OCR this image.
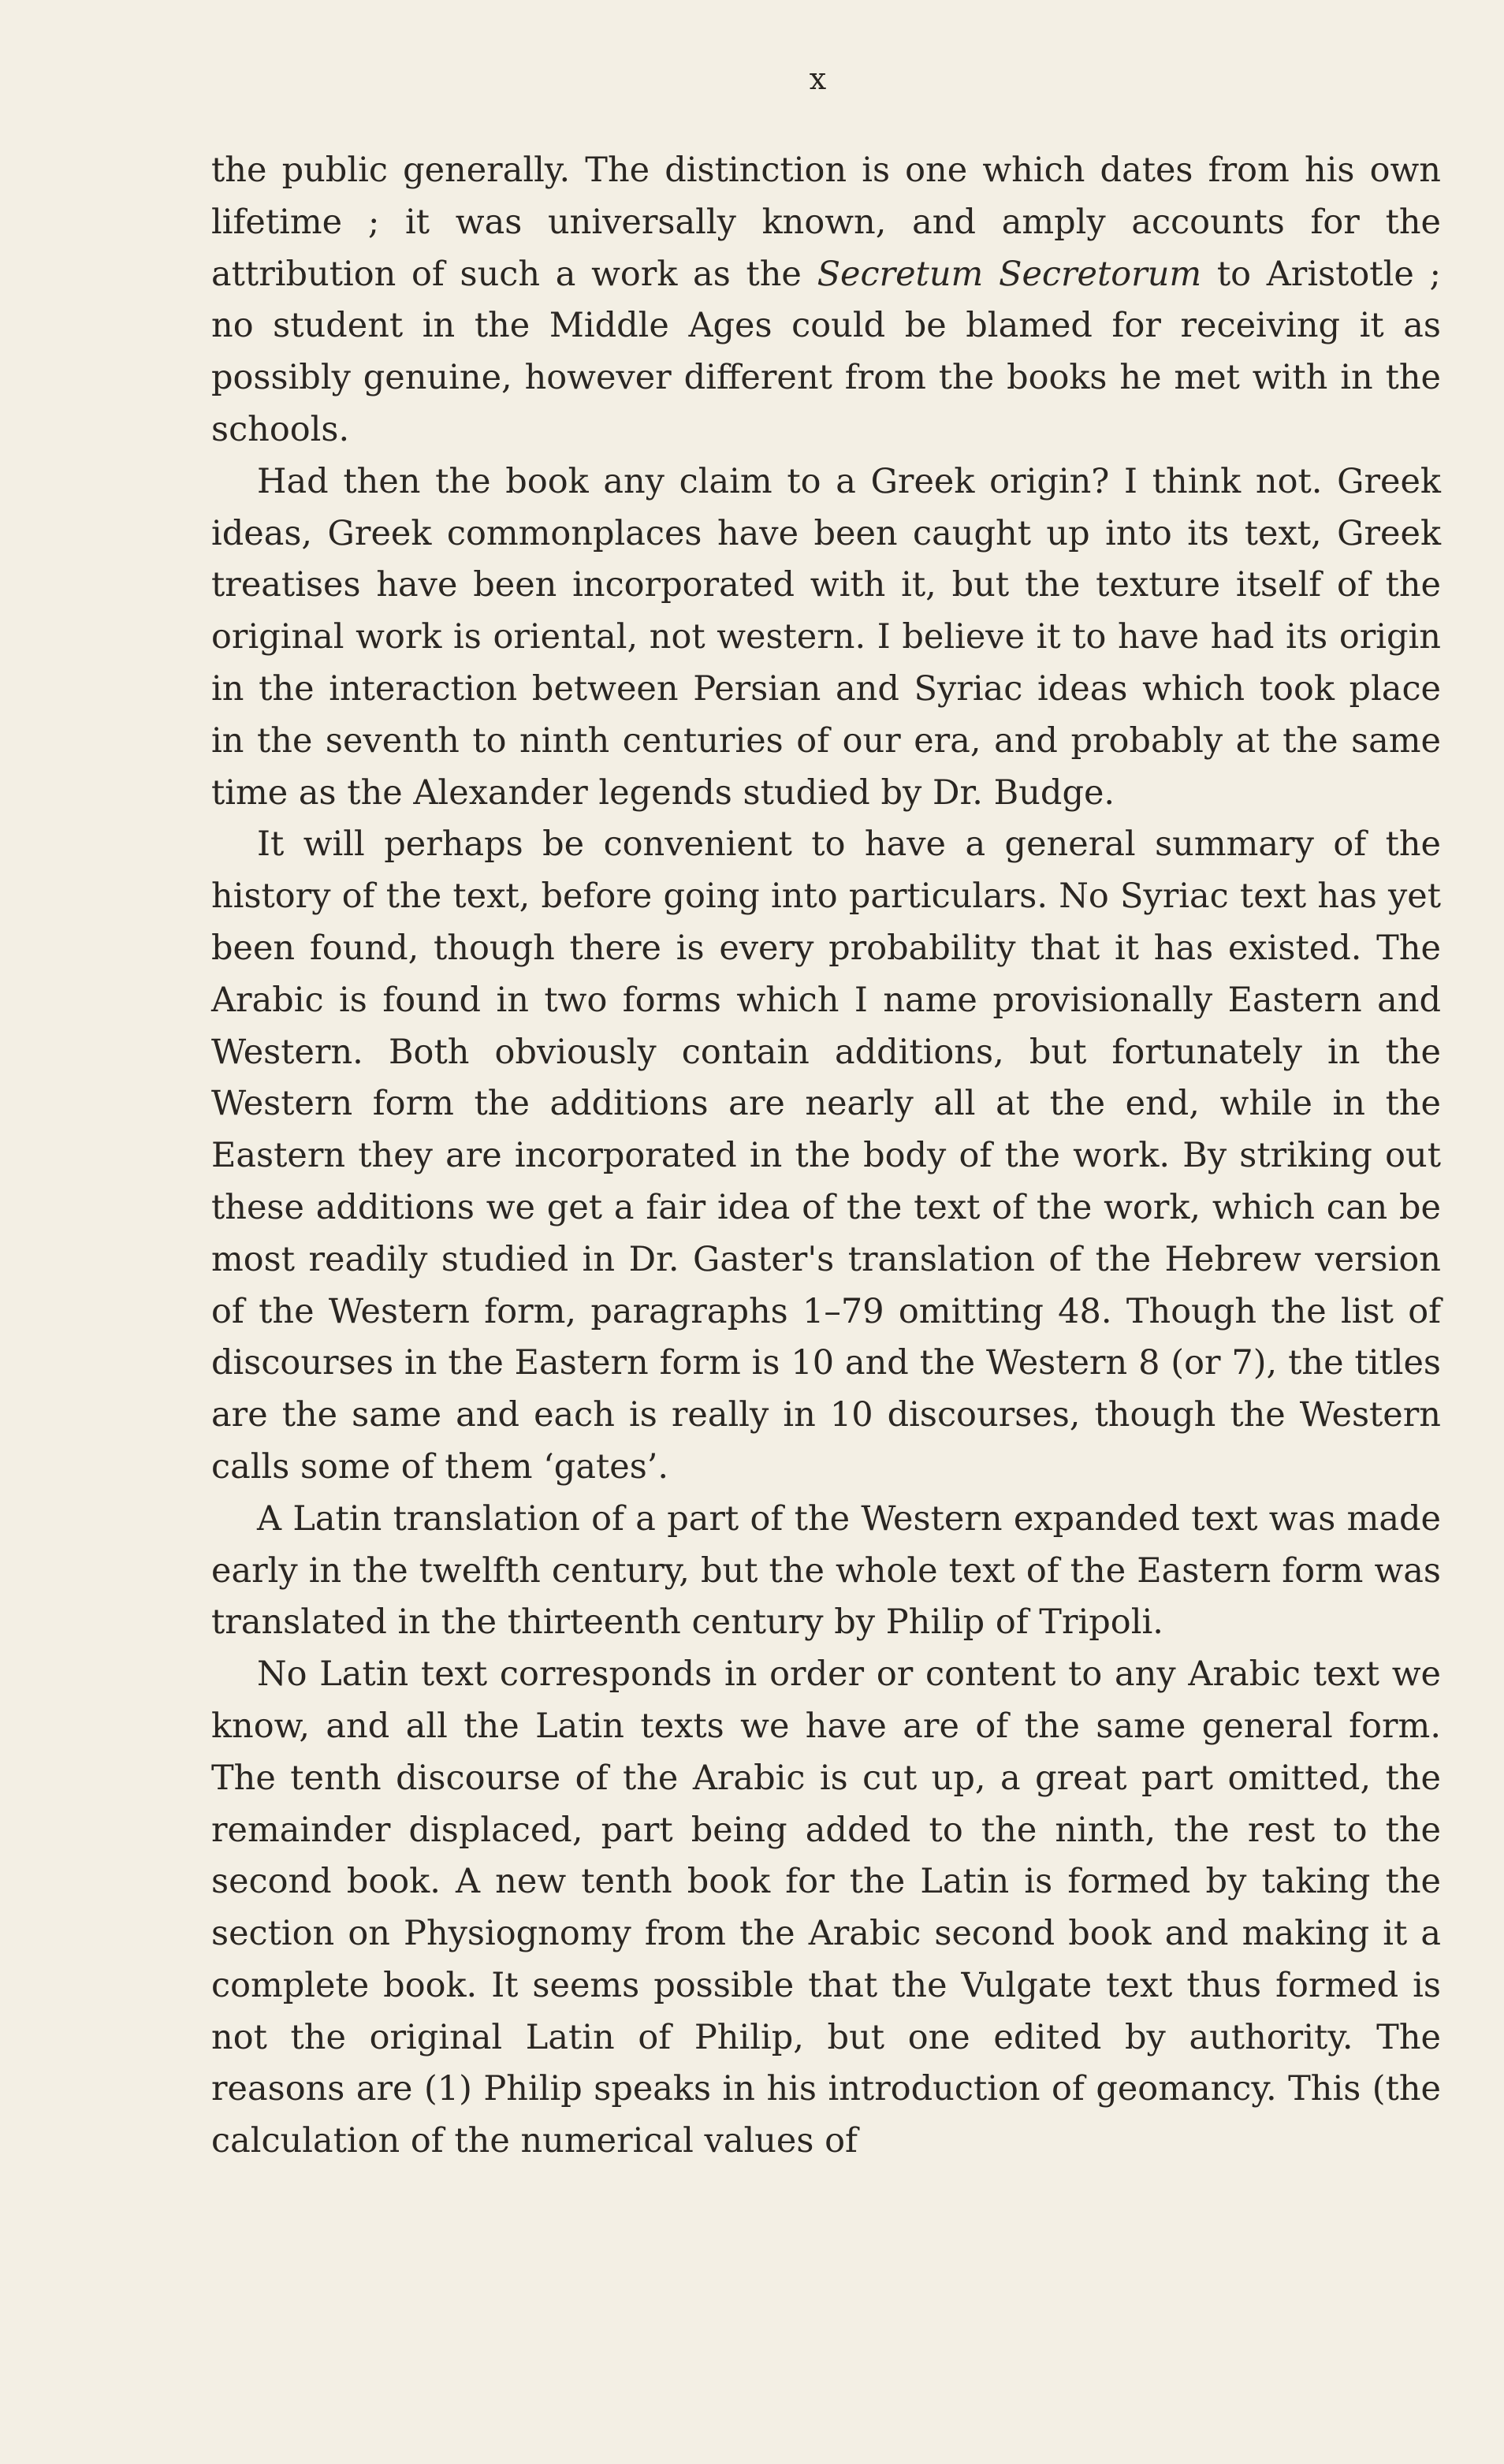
x

the public generally. The distinction is one which dates from his own lifetime ; it was universally known, and amply accounts for the attribution of such a work as the Secretum Secretorum to Aristotle ; no student in the Middle Ages could be blamed for receiving it as possibly genuine, however different from the books he met with in the schools.

Had then the book any claim to a Greek origin? I think not. Greek ideas, Greek commonplaces have been caught up into its text, Greek treatises have been incorporated with it, but the texture itself of the original work is oriental, not western. I believe it to have had its origin in the interaction between Persian and Syriac ideas which took place in the seventh to ninth centuries of our era, and probably at the same time as the Alexander legends studied by Dr. Budge.

It will perhaps be convenient to have a general summary of the history of the text, before going into particulars. No Syriac text has yet been found, though there is every probability that it has existed. The Arabic is found in two forms which I name provisionally Eastern and Western. Both obviously contain additions, but fortunately in the Western form the additions are nearly all at the end, while in the Eastern they are incorporated in the body of the work. By striking out these additions we get a fair idea of the text of the work, which can be most readily studied in Dr. Gaster's translation of the Hebrew version of the Western form, paragraphs 1–79 omitting 48. Though the list of discourses in the Eastern form is 10 and the Western 8 (or 7), the titles are the same and each is really in 10 discourses, though the Western calls some of them ‘gates’.

A Latin translation of a part of the Western expanded text was made early in the twelfth century, but the whole text of the Eastern form was translated in the thirteenth century by Philip of Tripoli.

No Latin text corresponds in order or content to any Arabic text we know, and all the Latin texts we have are of the same general form. The tenth discourse of the Arabic is cut up, a great part omitted, the remainder displaced, part being added to the ninth, the rest to the second book. A new tenth book for the Latin is formed by taking the section on Physiognomy from the Arabic second book and making it a complete book. It seems possible that the Vulgate text thus formed is not the original Latin of Philip, but one edited by authority. The reasons are (1) Philip speaks in his introduction of geomancy. This (the calculation of the numerical values of
